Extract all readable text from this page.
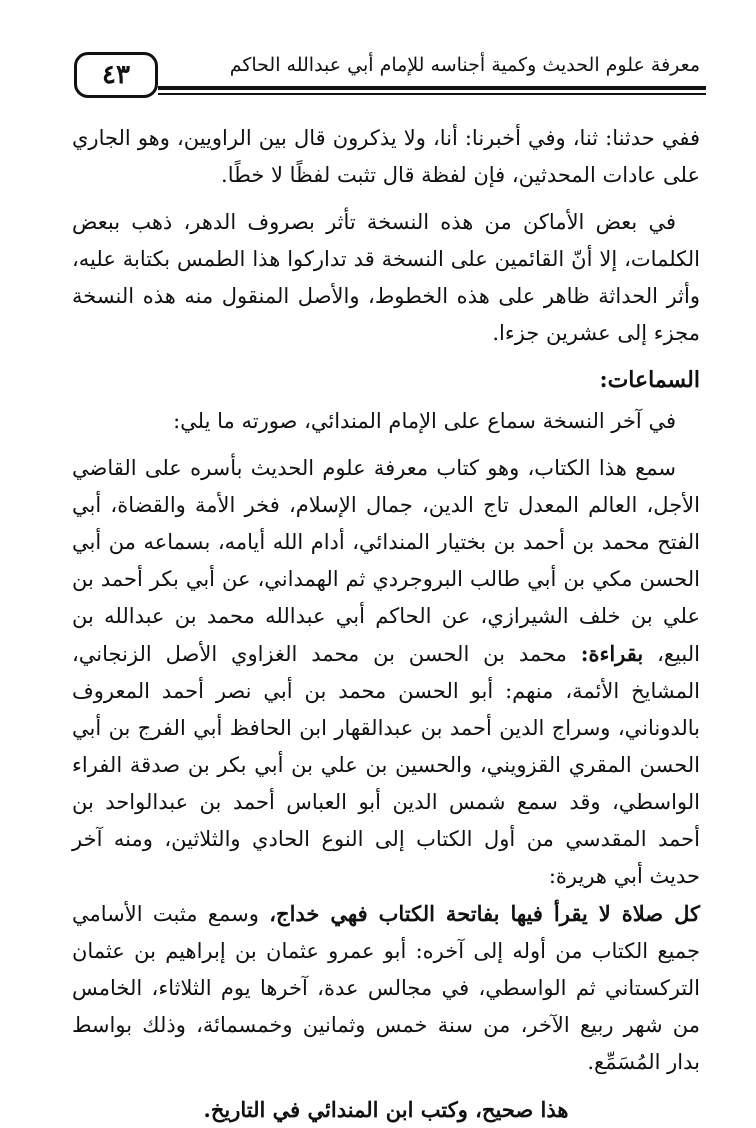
٤٣	معرفة علوم الحديث وكمية أجناسه للإمام أبي عبدالله الحاكم

ففي حدثنا: ثنا، وفي أخبرنا: أنا، ولا يذكرون قال بين الراويين، وهو الجاري على عادات المحدثين، فإن لفظة قال تثبت لفظًا لا خطًا.

في بعض الأماكن من هذه النسخة تأثر بصروف الدهر، ذهب ببعض الكلمات، إلا أنّ القائمين على النسخة قد تداركوا هذا الطمس بكتابة عليه، وأثر الحداثة ظاهر على هذه الخطوط، والأصل المنقول منه هذه النسخة مجزء إلى عشرين جزءا.

السماعات:

في آخر النسخة سماع على الإمام المندائي، صورته ما يلي:

سمع هذا الكتاب، وهو كتاب معرفة علوم الحديث بأسره على القاضي الأجل، العالم المعدل تاج الدين، جمال الإسلام، فخر الأمة والقضاة، أبي الفتح محمد بن أحمد بن بختيار المندائي، أدام الله أيامه، بسماعه من أبي الحسن مكي بن أبي طالب البروجردي ثم الهمداني، عن أبي بكر أحمد بن علي بن خلف الشيرازي، عن الحاكم أبي عبدالله محمد بن عبدالله بن البيع، بقراءة: محمد بن الحسن بن محمد الغزاوي الأصل الزنجاني، المشايخ الأئمة، منهم: أبو الحسن محمد بن أبي نصر أحمد المعروف بالدوناني، وسراج الدين أحمد بن عبدالقهار ابن الحافظ أبي الفرج بن أبي الحسن المقري القزويني، والحسين بن علي بن أبي بكر بن صدقة الفراء الواسطي، وقد سمع شمس الدين أبو العباس أحمد بن عبدالواحد بن أحمد المقدسي من أول الكتاب إلى النوع الحادي والثلاثين، ومنه آخر حديث أبي هريرة:
كل صلاة لا يقرأ فيها بفاتحة الكتاب فهي خداج، وسمع مثبت الأسامي جميع الكتاب من أوله إلى آخره: أبو عمرو عثمان بن إبراهيم بن عثمان التركستاني ثم الواسطي، في مجالس عدة، آخرها يوم الثلاثاء، الخامس من شهر ربيع الآخر، من سنة خمس وثمانين وخمسمائة، وذلك بواسط بدار المُسَمِّع.

هذا صحيح، وكتب ابن المندائي في التاريخ.
